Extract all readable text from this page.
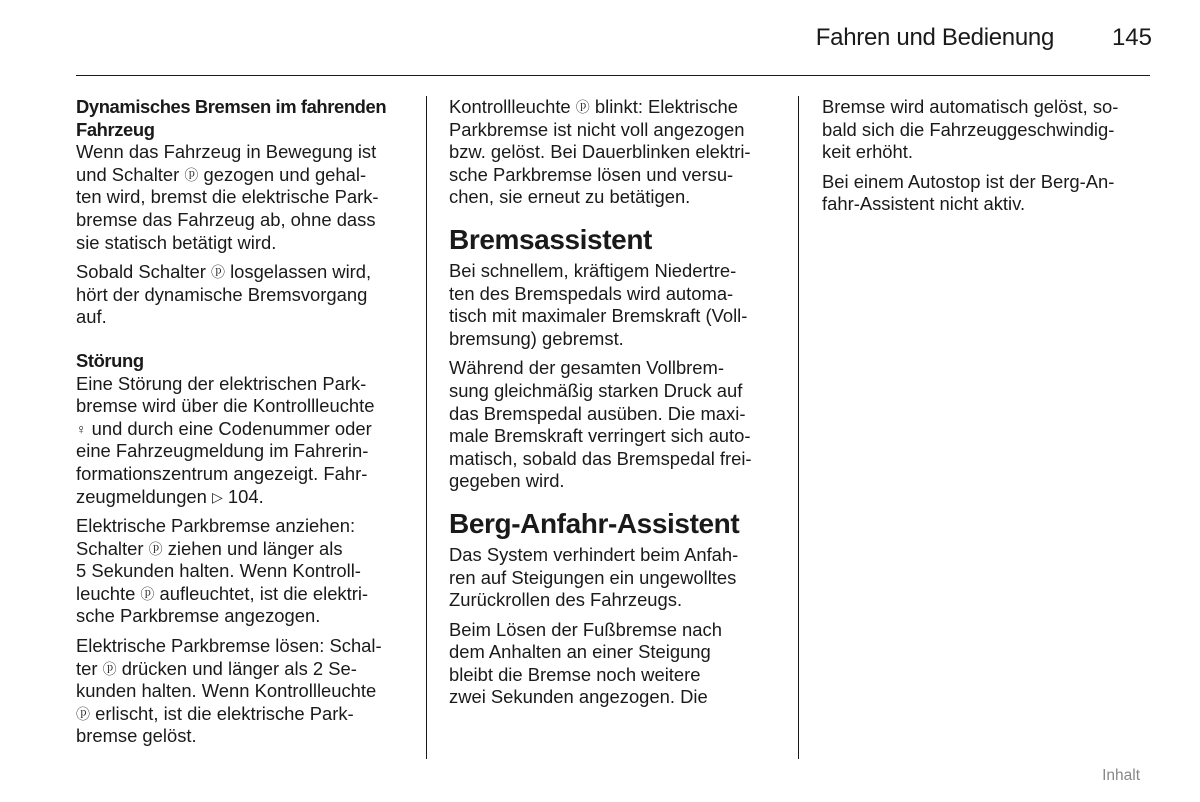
Fahren und Bedienung	145
Dynamisches Bremsen im fahrenden
Fahrzeug
Wenn das Fahrzeug in Bewegung ist
und Schalter ⓟ gezogen und gehal-
ten wird, bremst die elektrische Park-
bremse das Fahrzeug ab, ohne dass
sie statisch betätigt wird.
Sobald Schalter ⓟ losgelassen wird,
hört der dynamische Bremsvorgang
auf.
Störung
Eine Störung der elektrischen Park-
bremse wird über die Kontrollleuchte
♀ und durch eine Codenummer oder
eine Fahrzeugmeldung im Fahrerin-
formationszentrum angezeigt. Fahr-
zeugmeldungen ▷ 104.
Elektrische Parkbremse anziehen:
Schalter ⓟ ziehen und länger als
5 Sekunden halten. Wenn Kontroll-
leuchte ⓟ aufleuchtet, ist die elektri-
sche Parkbremse angezogen.
Elektrische Parkbremse lösen: Schal-
ter ⓟ drücken und länger als 2 Se-
kunden halten. Wenn Kontrollleuchte
ⓟ erlischt, ist die elektrische Park-
bremse gelöst.
Kontrollleuchte ⓟ blinkt: Elektrische
Parkbremse ist nicht voll angezogen
bzw. gelöst. Bei Dauerblinken elektri-
sche Parkbremse lösen und versu-
chen, sie erneut zu betätigen.
Bremsassistent
Bei schnellem, kräftigem Niedertre-
ten des Bremspedals wird automa-
tisch mit maximaler Bremskraft (Voll-
bremsung) gebremst.
Während der gesamten Vollbrem-
sung gleichmäßig starken Druck auf
das Bremspedal ausüben. Die maxi-
male Bremskraft verringert sich auto-
matisch, sobald das Bremspedal frei-
gegeben wird.
Berg-Anfahr-Assistent
Das System verhindert beim Anfah-
ren auf Steigungen ein ungewolltes
Zurückrollen des Fahrzeugs.
Beim Lösen der Fußbremse nach
dem Anhalten an einer Steigung
bleibt die Bremse noch weitere
zwei Sekunden angezogen. Die
Bremse wird automatisch gelöst, so-
bald sich die Fahrzeuggeschwindig-
keit erhöht.
Bei einem Autostop ist der Berg-An-
fahr-Assistent nicht aktiv.
Inhalt
